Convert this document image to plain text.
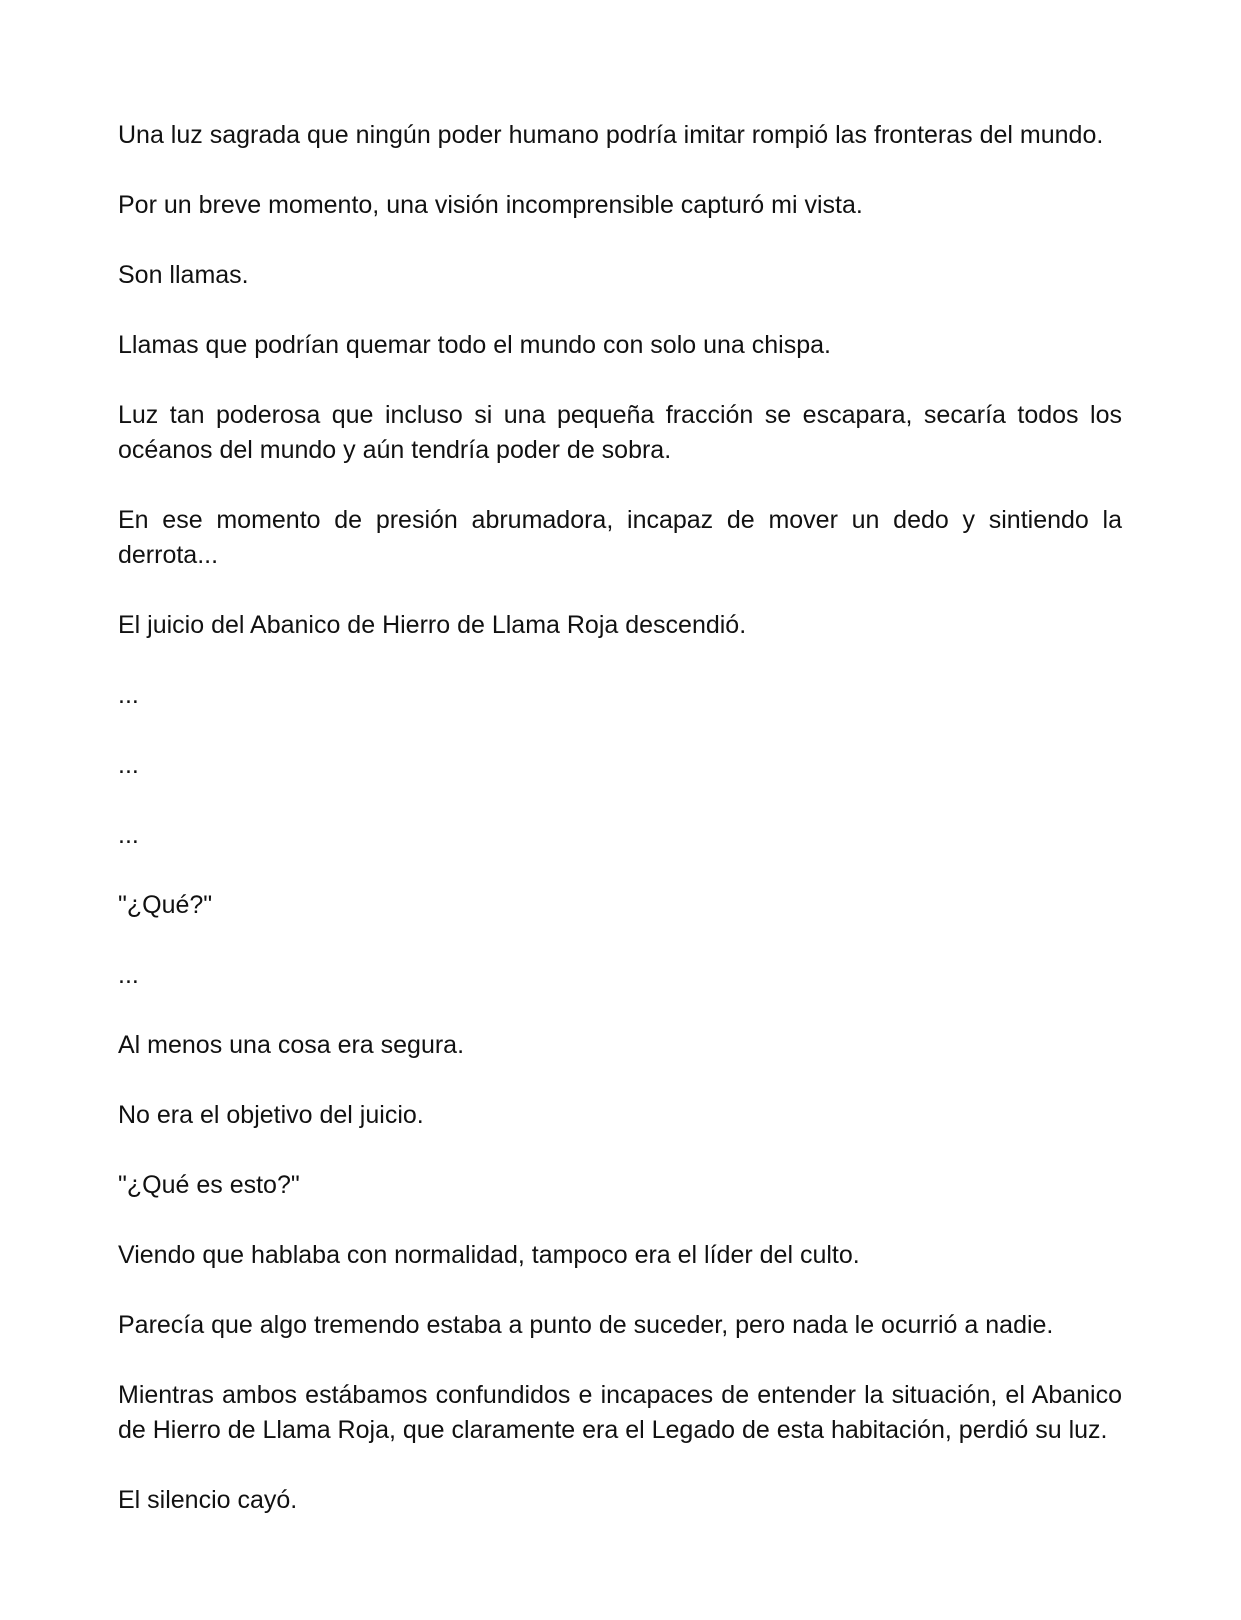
Una luz sagrada que ningún poder humano podría imitar rompió las fronteras del mundo.

Por un breve momento, una visión incomprensible capturó mi vista.

Son llamas.

Llamas que podrían quemar todo el mundo con solo una chispa.

Luz tan poderosa que incluso si una pequeña fracción se escapara, secaría todos los océanos del mundo y aún tendría poder de sobra.

En ese momento de presión abrumadora, incapaz de mover un dedo y sintiendo la derrota...

El juicio del Abanico de Hierro de Llama Roja descendió.

...

...

...

"¿Qué?"

...

Al menos una cosa era segura.

No era el objetivo del juicio.

"¿Qué es esto?"

Viendo que hablaba con normalidad, tampoco era el líder del culto.

Parecía que algo tremendo estaba a punto de suceder, pero nada le ocurrió a nadie.

Mientras ambos estábamos confundidos e incapaces de entender la situación, el Abanico de Hierro de Llama Roja, que claramente era el Legado de esta habitación, perdió su luz.

El silencio cayó.
